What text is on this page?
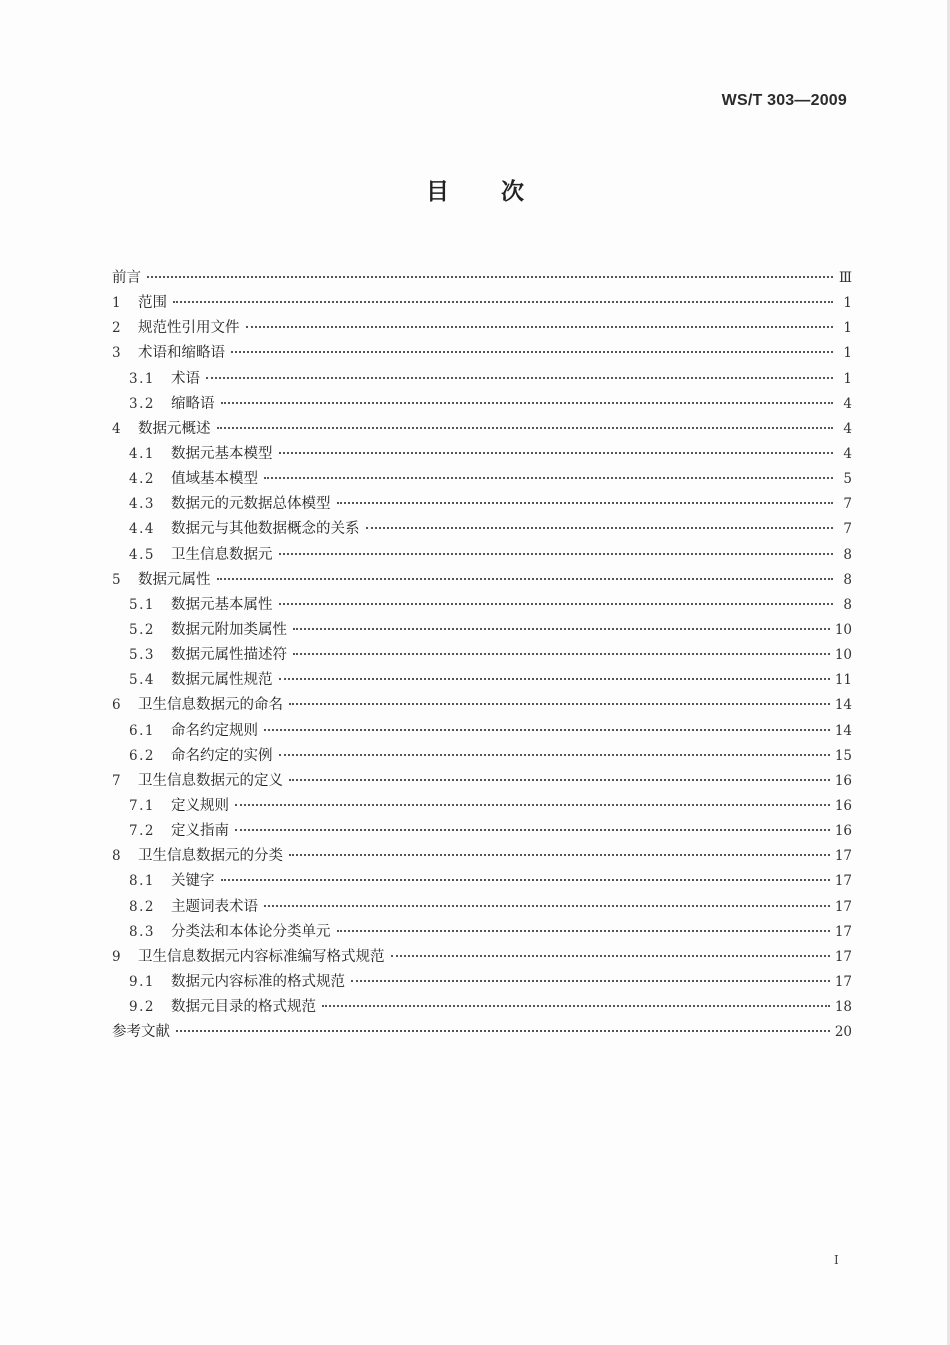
WS/T 303—2009
目次
前言	Ⅲ
1	范围	1
2	规范性引用文件	1
3	术语和缩略语	1
3.1	术语	1
3.2	缩略语	4
4	数据元概述	4
4.1	数据元基本模型	4
4.2	值域基本模型	5
4.3	数据元的元数据总体模型	7
4.4	数据元与其他数据概念的关系	7
4.5	卫生信息数据元	8
5	数据元属性	8
5.1	数据元基本属性	8
5.2	数据元附加类属性	10
5.3	数据元属性描述符	10
5.4	数据元属性规范	11
6	卫生信息数据元的命名	14
6.1	命名约定规则	14
6.2	命名约定的实例	15
7	卫生信息数据元的定义	16
7.1	定义规则	16
7.2	定义指南	16
8	卫生信息数据元的分类	17
8.1	关键字	17
8.2	主题词表术语	17
8.3	分类法和本体论分类单元	17
9	卫生信息数据元内容标准编写格式规范	17
9.1	数据元内容标准的格式规范	17
9.2	数据元目录的格式规范	18
参考文献	20
I
